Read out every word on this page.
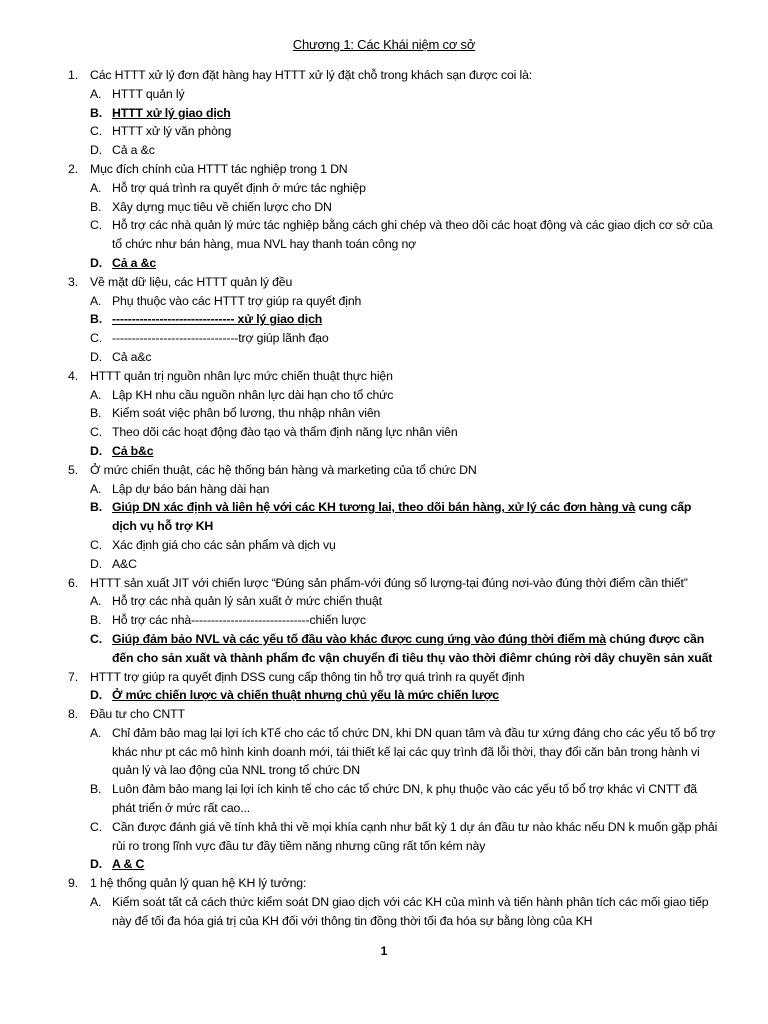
Chương 1: Các Khái niệm cơ sở
1. Các HTTT xử lý đơn đặt hàng hay HTTT xử lý đặt chỗ trong khách sạn được coi là:
A. HTTT quản lý
B. HTTT xử lý giao dịch
C. HTTT xử lý văn phòng
D. Cả a &c
2. Mục đích chính của HTTT tác nghiệp trong 1 DN
A. Hỗ trợ quá trình ra quyết định ở mức tác nghiệp
B. Xây dựng mục tiêu về chiến lược cho DN
C. Hỗ trợ các nhà quản lý mức tác nghiệp bằng cách ghi chép và theo dõi các hoạt động và các giao dịch cơ sở của tổ chức như bán hàng, mua NVL hay thanh toán công nợ
D. Cả a &c
3. Về mặt dữ liệu, các HTTT quản lý đều
A. Phụ thuộc vào các HTTT trợ giúp ra quyết định
B. ------------------------------- xử lý giao dịch
C. --------------------------------trợ giúp lãnh đạo
D. Cả a&c
4. HTTT quản trị nguồn nhân lực mức chiến thuật thực hiện
A. Lập KH nhu cầu nguồn nhân lực dài hạn cho tổ chức
B. Kiểm soát việc phân bổ lương, thu nhập nhân viên
C. Theo dõi các hoạt động đào tạo và thẩm định năng lực nhân viên
D. Cả b&c
5. Ở mức chiến thuật, các hệ thống bán hàng và marketing của tổ chức DN
A. Lập dự báo bán hàng dài hạn
B. Giúp DN xác định và liên hệ với các KH tương lai, theo dõi bán hàng, xử lý các đơn hàng và cung cấp dịch vụ hỗ trợ KH
C. Xác định giá cho các sản phẩm và dịch vụ
D. A&C
6. HTTT sản xuất JIT với chiến lược “Đúng sản phẩm-với đúng số lượng-tại đúng nơi-vào đúng thời điểm cần thiết”
A. Hỗ trợ các nhà quản lý sản xuất ở mức chiến thuật
B. Hỗ trợ các nhà------------------------------chiến lược
C. Giúp đảm bảo NVL và các yếu tố đầu vào khác được cung ứng vào đúng thời điểm mà chúng được cần đến cho sản xuất và thành phẩm đc vận chuyển đi tiêu thụ vào thời điêmr chúng rời dây chuyền sản xuất
7. HTTT trợ giúp ra quyết định DSS cung cấp thông tin hỗ trợ quá trình ra quyết định
D. Ở mức chiến lược và chiến thuật nhưng chủ yếu là mức chiến lược
8. Đầu tư cho CNTT
A. Chỉ đảm bảo mag lại lợi ích kTế cho các tổ chức DN, khi DN quan tâm và đầu tư xứng đáng cho các yếu tố bổ trợ khác như pt các mô hình kinh doanh mới, tái thiết kế lại các quy trình đã lỗi thời, thay đổi căn bản trong hành vi quản lý và lao động của NNL trong tổ chức DN
B. Luôn đảm bảo mang lại lợi ích kinh tế cho các tổ chức DN, k phụ thuộc vào các yếu tố bổ trợ khác vì CNTT đã phát triển ở mức rất cao...
C. Cần được đánh giá về tính khả thi về mọi khía cạnh như bất kỳ 1 dự án đầu tư nào khác nếu DN k muốn gặp phải rủi ro trong lĩnh vực đầu tư đầy tiềm năng nhưng cũng rất tốn kém này
D. A & C
9. 1 hệ thống quản lý quan hệ KH lý tưởng:
A. Kiểm soát tất cả cách thức kiểm soát DN giao dịch với các KH của mình và tiến hành phân tích các mối giao tiếp này để tối đa hóa giá trị của KH đối với thông tin đồng thời tối đa hóa sự bằng lòng của KH
1
